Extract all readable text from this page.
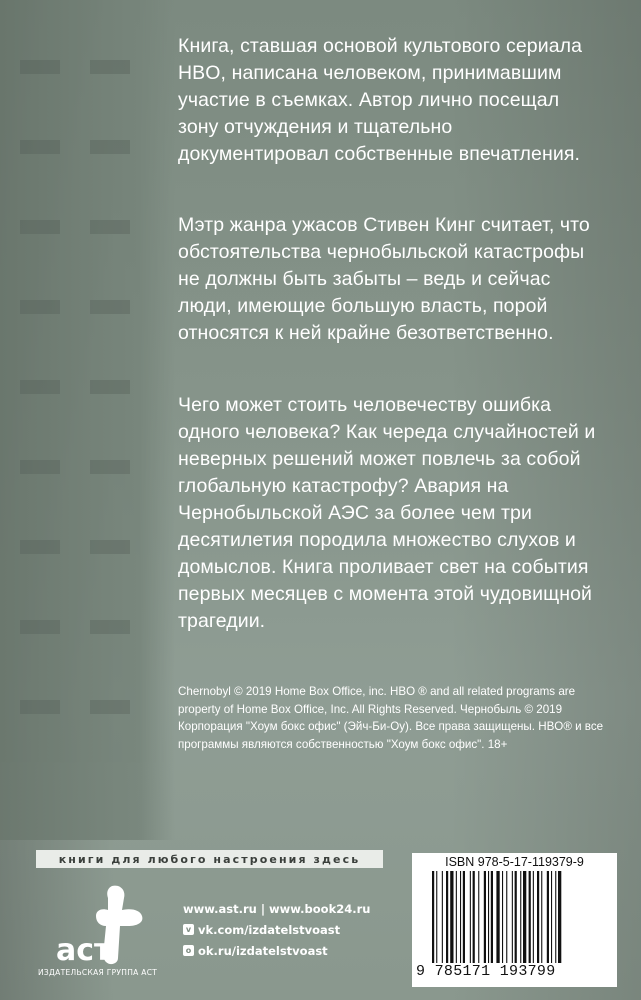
Книга, ставшая основой культового сериала HBO, написана человеком, принимавшим участие в съемках. Автор лично посещал зону отчуждения и тщательно документировал собственные впечатления.
Мэтр жанра ужасов Стивен Кинг считает, что обстоятельства чернобыльской катастрофы не должны быть забыты – ведь и сейчас люди, имеющие большую власть, порой относятся к ней крайне безответственно.
Чего может стоить человечеству ошибка одного человека? Как череда случайностей и неверных решений может повлечь за собой глобальную катастрофу? Авария на Чернобыльской АЭС за более чем три десятилетия породила множество слухов и домыслов. Книга проливает свет на события первых месяцев с момента этой чудовищной трагедии.
Chernobyl © 2019 Home Box Office, inc. HBO ® and all related programs are property of Home Box Office, Inc. All Rights Reserved. Чернобыль © 2019 Корпорация "Хоум бокс офис" (Эйч-Би-Оу). Все права защищены. HBO® и все программы являются собственностью "Хоум бокс офис". 18+
книги для любого настроения здесь
аст
ИЗДАТЕЛЬСКАЯ ГРУППА АСТ
www.ast.ru | www.book24.ru
v vk.com/izdatelstvoast
o ok.ru/izdatelstvoast
ISBN 978-5-17-119379-9
9 785171 193799
